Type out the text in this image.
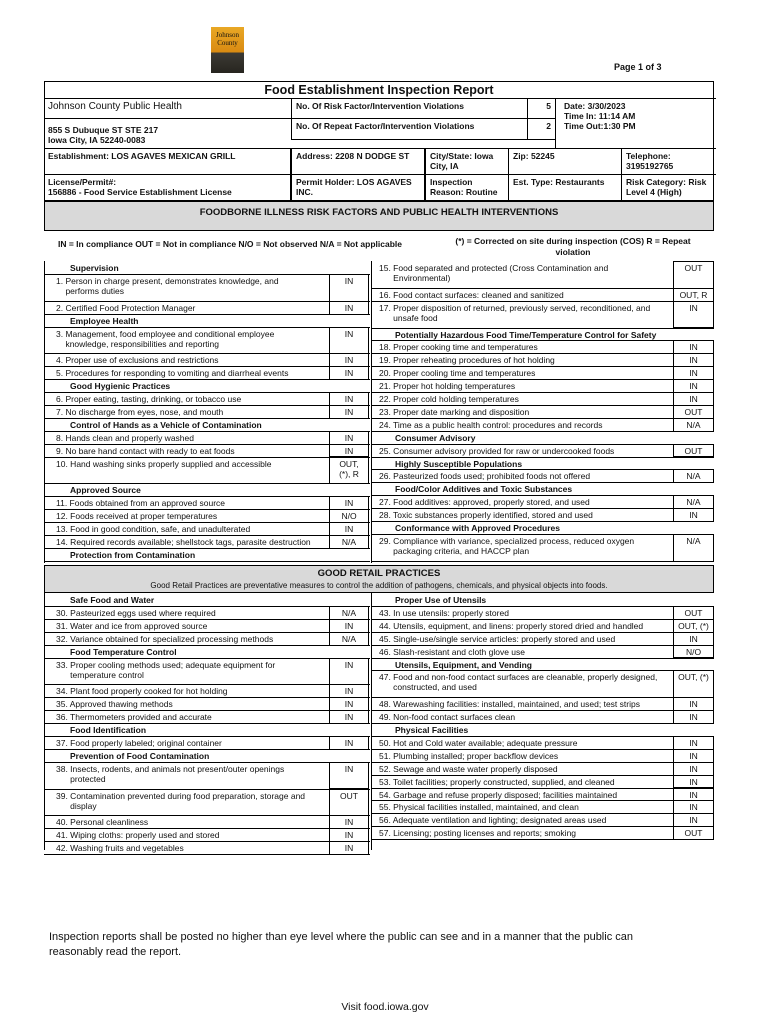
Johnson County
Page 1 of 3
Food Establishment Inspection Report
Johnson County Public Health
855 S Dubuque ST STE 217
Iowa City, IA 52240-0083
No. Of Risk Factor/Intervention Violations	5
No. Of Repeat Factor/Intervention Violations	2
Date: 3/30/2023
Time In: 11:14 AM
Time Out:1:30 PM
Establishment: LOS AGAVES MEXICAN GRILL	Address: 2208 N DODGE ST	City/State: Iowa City, IA
Zip: 52245	Telephone: 3195192765
License/Permit#:
156886 - Food Service Establishment License
Permit Holder: LOS AGAVES INC.
Inspection Reason: Routine
Est. Type: Restaurants	Risk Category: Risk Level 4 (High)
FOODBORNE ILLNESS RISK FACTORS AND PUBLIC HEALTH INTERVENTIONS
IN = In compliance OUT = Not in compliance N/O = Not observed N/A = Not applicable	(*) = Corrected on site during inspection (COS) R = Repeat violation
Supervision
1. Person in charge present, demonstrates knowledge, and
performs duties
IN
2. Certified Food Protection Manager	IN
Employee Health
3. Management, food employee and conditional employee
knowledge, responsibilities and reporting
IN
4. Proper use of exclusions and restrictions	IN
5. Procedures for responding to vomiting and diarrheal events	IN
Good Hygienic Practices
6. Proper eating, tasting, drinking, or tobacco use	IN
7. No discharge from eyes, nose, and mouth	IN
Control of Hands as a Vehicle of Contamination
8. Hands clean and properly washed	IN
9. No bare hand contact with ready to eat foods	IN
10. Hand washing sinks properly supplied and accessible	OUT,
(*), R
Approved Source
11. Foods obtained from an approved source	IN
12. Foods received at proper temperatures	N/O
13. Food in good condition, safe, and unadulterated	IN
14. Required records available; shellstock tags, parasite destruction	N/A
Protection from Contamination
15. Food separated and protected (Cross Contamination and
Environmental)
OUT
16. Food contact surfaces: cleaned and sanitized	OUT, R
17. Proper disposition of returned, previously served, reconditioned, and
unsafe food
IN
Potentially Hazardous Food Time/Temperature Control for Safety
18. Proper cooking time and temperatures	IN
19. Proper reheating procedures of hot holding	IN
20. Proper cooling time and temperatures	IN
21. Proper hot holding temperatures	IN
22. Proper cold holding temperatures	IN
23. Proper date marking and disposition	OUT
24. Time as a public health control: procedures and records	N/A
Consumer Advisory
25. Consumer advisory provided for raw or undercooked foods	OUT
Highly Susceptible Populations
26. Pasteurized foods used; prohibited foods not offered	N/A
Food/Color Additives and Toxic Substances
27. Food additives: approved, properly stored, and used	N/A
28. Toxic substances properly identified, stored and used	IN
Conformance with Approved Procedures
29. Compliance with variance, specialized process, reduced oxygen
packaging criteria, and HACCP plan
N/A
GOOD RETAIL PRACTICES
Good Retail Practices are preventative measures to control the addition of pathogens, chemicals, and physical objects into foods.
Safe Food and Water
30. Pasteurized eggs used where required	N/A
31. Water and ice from approved source	IN
32. Variance obtained for specialized processing methods	N/A
Food Temperature Control
33. Proper cooling methods used; adequate equipment for
temperature control
IN
34. Plant food properly cooked for hot holding	IN
35. Approved thawing methods	IN
36. Thermometers provided and accurate	IN
Food Identification
37. Food properly labeled; original container	IN
Prevention of Food Contamination
38. Insects, rodents, and animals not present/outer openings
protected
IN
39. Contamination prevented during food preparation, storage and
display
OUT
40. Personal cleanliness	IN
41. Wiping cloths: properly used and stored	IN
42. Washing fruits and vegetables	IN
Proper Use of Utensils
43. In use utensils: properly stored	OUT
44. Utensils, equipment, and linens: properly stored dried and handled	OUT, (*)
45. Single-use/single service articles: properly stored and used	IN
46. Slash-resistant and cloth glove use	N/O
Utensils, Equipment, and Vending
47. Food and non-food contact surfaces are cleanable, properly designed,
constructed, and used
OUT, (*)
48. Warewashing facilities: installed, maintained, and used; test strips	IN
49. Non-food contact surfaces clean	IN
Physical Facilities
50. Hot and Cold water available; adequate pressure	IN
51. Plumbing installed; proper backflow devices	IN
52. Sewage and waste water properly disposed	IN
53. Toilet facilities; properly constructed, supplied, and cleaned	IN
54. Garbage and refuse properly disposed; facilities maintained	IN
55. Physical facilities installed, maintained, and clean	IN
56. Adequate ventilation and lighting; designated areas used	IN
57. Licensing; posting licenses and reports; smoking	OUT
Inspection reports shall be posted no higher than eye level where the public can see and in a manner that the public can reasonably read the report.
Visit food.iowa.gov
